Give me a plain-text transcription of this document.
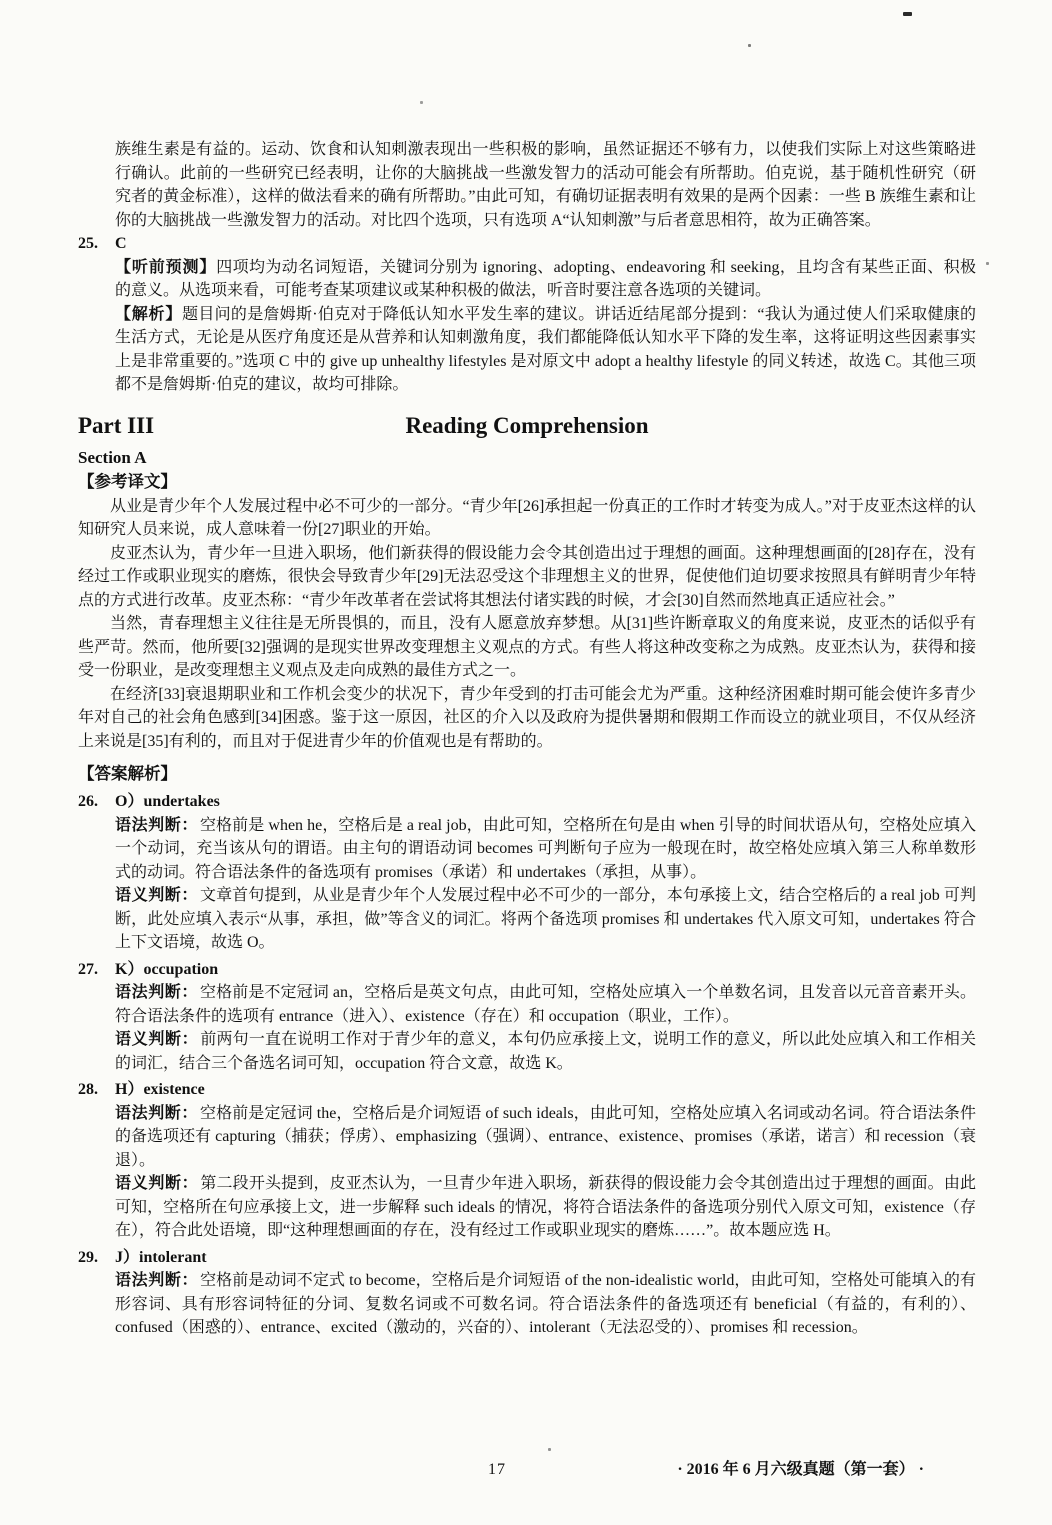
族维生素是有益的。运动、饮食和认知刺激表现出一些积极的影响，虽然证据还不够有力，以使我们实际上对这些策略进行确认。此前的一些研究已经表明，让你的大脑挑战一些激发智力的活动可能会有所帮助。伯克说，基于随机性研究（研究者的黄金标准），这样的做法看来的确有所帮助。”由此可知，有确切证据表明有效果的是两个因素：一些 B 族维生素和让你的大脑挑战一些激发智力的活动。对比四个选项，只有选项 A“认知刺激”与后者意思相符，故为正确答案。

25.	C

【听前预测】四项均为动名词短语，关键词分别为 ignoring、adopting、endeavoring 和 seeking，且均含有某些正面、积极的意义。从选项来看，可能考查某项建议或某种积极的做法，听音时要注意各选项的关键词。

【解析】题目问的是詹姆斯·伯克对于降低认知水平发生率的建议。讲话近结尾部分提到：“我认为通过使人们采取健康的生活方式，无论是从医疗角度还是从营养和认知刺激角度，我们都能降低认知水平下降的发生率，这将证明这些因素事实上是非常重要的。”选项 C 中的 give up unhealthy lifestyles 是对原文中 adopt a healthy lifestyle 的同义转述，故选 C。其他三项都不是詹姆斯·伯克的建议，故均可排除。

Part III	Reading Comprehension
Section A
【参考译文】

从业是青少年个人发展过程中必不可少的一部分。“青少年[26]承担起一份真正的工作时才转变为成人。”对于皮亚杰这样的认知研究人员来说，成人意味着一份[27]职业的开始。

皮亚杰认为，青少年一旦进入职场，他们新获得的假设能力会令其创造出过于理想的画面。这种理想画面的[28]存在，没有经过工作或职业现实的磨炼，很快会导致青少年[29]无法忍受这个非理想主义的世界，促使他们迫切要求按照具有鲜明青少年特点的方式进行改革。皮亚杰称：“青少年改革者在尝试将其想法付诸实践的时候，才会[30]自然而然地真正适应社会。”

当然，青春理想主义往往是无所畏惧的，而且，没有人愿意放弃梦想。从[31]些许断章取义的角度来说，皮亚杰的话似乎有些严苛。然而，他所要[32]强调的是现实世界改变理想主义观点的方式。有些人将这种改变称之为成熟。皮亚杰认为，获得和接受一份职业，是改变理想主义观点及走向成熟的最佳方式之一。

在经济[33]衰退期职业和工作机会变少的状况下，青少年受到的打击可能会尤为严重。这种经济困难时期可能会使许多青少年对自己的社会角色感到[34]困惑。鉴于这一原因，社区的介入以及政府为提供暑期和假期工作而设立的就业项目，不仅从经济上来说是[35]有利的，而且对于促进青少年的价值观也是有帮助的。

【答案解析】
26.	O）undertakes

语法判断： 空格前是 when he，空格后是 a real job，由此可知，空格所在句是由 when 引导的时间状语从句，空格处应填入一个动词，充当该从句的谓语。由主句的谓语动词 becomes 可判断句子应为一般现在时，故空格处应填入第三人称单数形式的动词。符合语法条件的备选项有 promises（承诺）和 undertakes（承担，从事）。

语义判断： 文章首句提到，从业是青少年个人发展过程中必不可少的一部分，本句承接上文，结合空格后的 a real job 可判断，此处应填入表示“从事，承担，做”等含义的词汇。将两个备选项 promises 和 undertakes 代入原文可知，undertakes 符合上下文语境，故选 O。

27.	K）occupation

语法判断： 空格前是不定冠词 an，空格后是英文句点，由此可知，空格处应填入一个单数名词，且发音以元音音素开头。符合语法条件的选项有 entrance（进入）、existence（存在）和 occupation（职业，工作）。

语义判断： 前两句一直在说明工作对于青少年的意义，本句仍应承接上文，说明工作的意义，所以此处应填入和工作相关的词汇，结合三个备选名词可知，occupation 符合文意，故选 K。

28.	H）existence

语法判断： 空格前是定冠词 the，空格后是介词短语 of such ideals，由此可知，空格处应填入名词或动名词。符合语法条件的备选项还有 capturing（捕获；俘虏）、emphasizing（强调）、entrance、existence、promises（承诺，诺言）和 recession（衰退）。

语义判断： 第二段开头提到，皮亚杰认为，一旦青少年进入职场，新获得的假设能力会令其创造出过于理想的画面。由此可知，空格所在句应承接上文，进一步解释 such ideals 的情况，将符合语法条件的备选项分别代入原文可知，existence（存在），符合此处语境，即“这种理想画面的存在，没有经过工作或职业现实的磨炼……”。故本题应选 H。

29.	J）intolerant

语法判断： 空格前是动词不定式 to become，空格后是介词短语 of the non-idealistic world，由此可知，空格处可能填入的有形容词、具有形容词特征的分词、复数名词或不可数名词。符合语法条件的备选项还有 beneficial（有益的，有利的）、confused（困惑的）、entrance、excited（激动的，兴奋的）、intolerant（无法忍受的）、promises 和 recession。

17	· 2016 年 6 月六级真题（第一套） ·
